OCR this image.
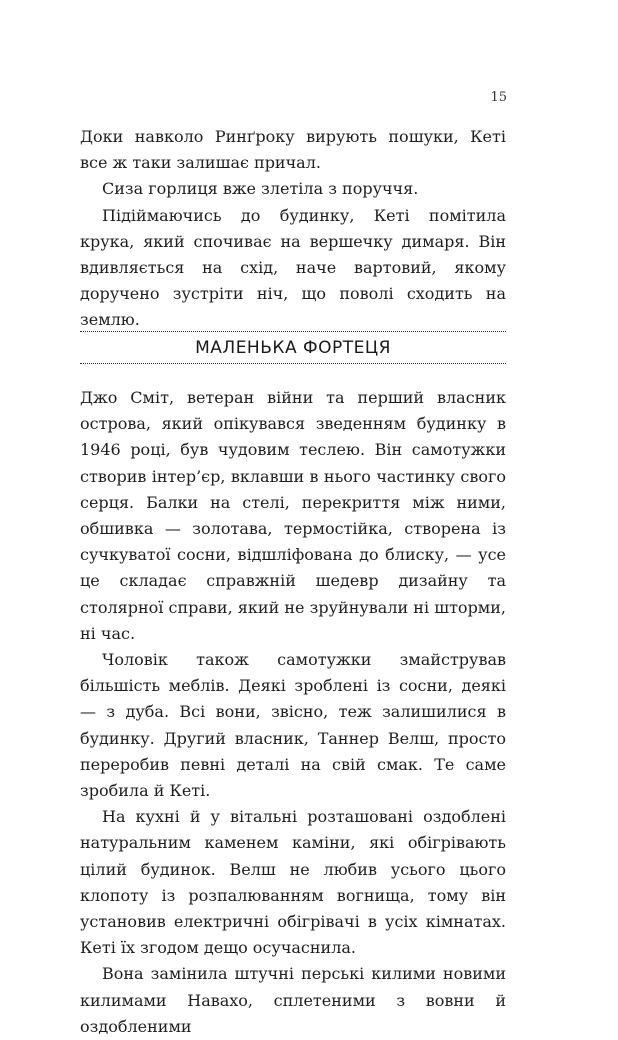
15

Доки навколо Ринґроку вирують пошуки, Кеті все ж таки залишає причал.

Сиза горлиця вже злетіла з поруччя.

Підіймаючись до будинку, Кеті помітила крука, який спочиває на вершечку димаря. Він вдивляється на схід, наче вартовий, якому доручено зустріти ніч, що поволі сходить на землю.

МАЛЕНЬКА ФОРТЕЦЯ

Джо Сміт, ветеран війни та перший власник острова, який опікувався зведенням будинку в 1946 році, був чудовим теслею. Він самотужки створив інтер’єр, вклавши в нього частинку свого серця. Балки на стелі, перекриття між ними, обшивка — золотава, термостійка, створена із сучкуватої сосни, відшліфована до блиску, — усе це складає справжній шедевр дизайну та столярної справи, який не зруйнували ні шторми, ні час.

Чоловік також самотужки змайстрував більшість меблів. Деякі зроблені із сосни, деякі — з дуба. Всі вони, звісно, теж залишилися в будинку. Другий власник, Таннер Велш, просто переробив певні деталі на свій смак. Те саме зробила й Кеті.

На кухні й у вітальні розташовані оздоблені натуральним каменем каміни, які обігрівають цілий будинок. Велш не любив усього цього клопоту із розпалюванням вогнища, тому він установив електричні обігрівачі в усіх кімнатах. Кеті їх згодом дещо осучаснила.

Вона замінила штучні перські килими новими килимами Навахо, сплетеними з вовни й оздобленими
